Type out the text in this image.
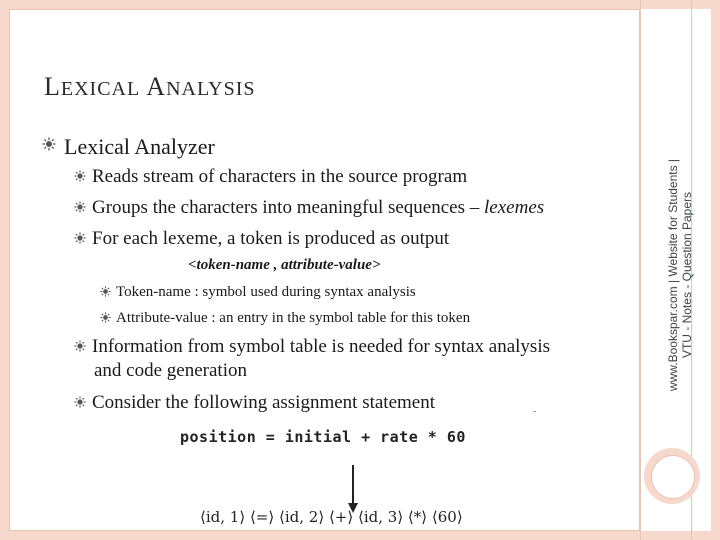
LEXICAL ANALYSIS
Lexical Analyzer
Reads stream of characters in the source program
Groups the characters into meaningful sequences – lexemes
For each lexeme, a token is produced as output
<token-name , attribute-value>
Token-name : symbol used during syntax analysis
Attribute-value : an entry in the symbol table for this token
Information from symbol table is needed for syntax analysis
and code generation
Consider the following assignment statement
position = initial + rate * 60
⟨id, 1⟩ ⟨=⟩ ⟨id, 2⟩ ⟨+⟩ ⟨id, 3⟩ ⟨*⟩ ⟨60⟩
www.Bookspar.com | Website for Students | VTU - Notes - Question Papers
